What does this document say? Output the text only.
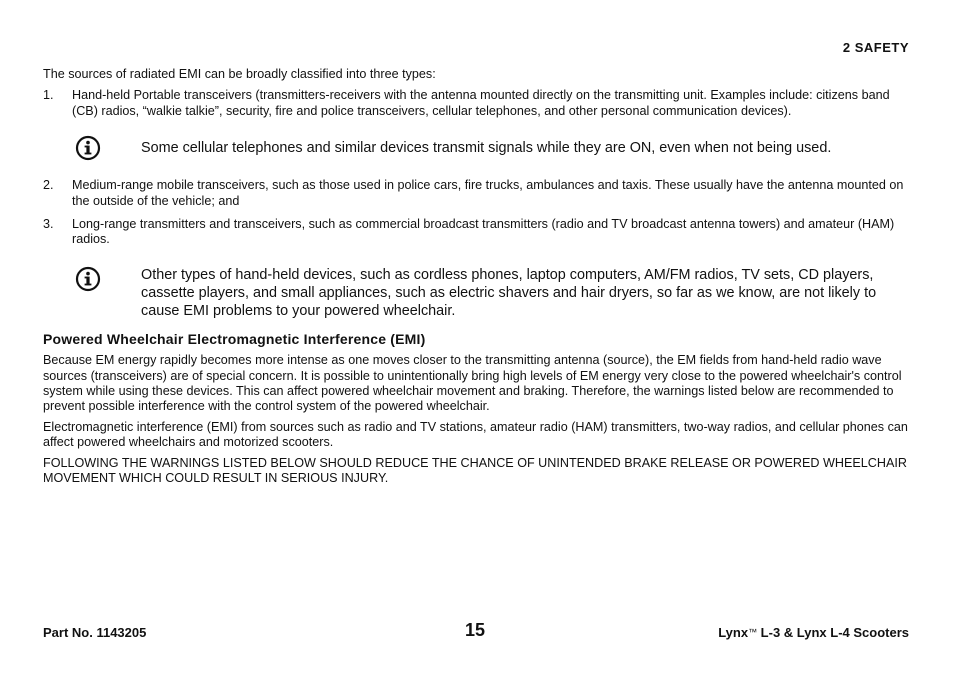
2 SAFETY

The sources of radiated EMI can be broadly classified into three types:

1.	Hand-held Portable transceivers (transmitters-receivers with the antenna mounted directly on the transmitting unit. Examples include: citizens band (CB) radios, “walkie talkie”, security, fire and police transceivers, cellular telephones, and other personal communication devices).
Some cellular telephones and similar devices transmit signals while they are ON, even when not being used.
2.	Medium-range mobile transceivers, such as those used in police cars, fire trucks, ambulances and taxis. These usually have the antenna mounted on the outside of the vehicle; and
3.	Long-range transmitters and transceivers, such as commercial broadcast transmitters (radio and TV broadcast antenna towers) and amateur (HAM) radios.
Other types of hand-held devices, such as cordless phones, laptop computers, AM/FM radios, TV sets, CD players, cassette players, and small appliances, such as electric shavers and hair dryers, so far as we know, are not likely to cause EMI problems to your powered wheelchair.
Powered Wheelchair Electromagnetic Interference (EMI)

Because EM energy rapidly becomes more intense as one moves closer to the transmitting antenna (source), the EM fields from hand-held radio wave sources (transceivers) are of special concern. It is possible to unintentionally bring high levels of EM energy very close to the powered wheelchair's control system while using these devices. This can affect powered wheelchair movement and braking. Therefore, the warnings listed below are recommended to prevent possible interference with the control system of the powered wheelchair.

Electromagnetic interference (EMI) from sources such as radio and TV stations, amateur radio (HAM) transmitters, two-way radios, and cellular phones can affect powered wheelchairs and motorized scooters.

FOLLOWING THE WARNINGS LISTED BELOW SHOULD REDUCE THE CHANCE OF UNINTENDED BRAKE RELEASE OR POWERED WHEELCHAIR MOVEMENT WHICH COULD RESULT IN SERIOUS INJURY.

Part No. 1143205	15	Lynx™ L-3 & Lynx L-4 Scooters
